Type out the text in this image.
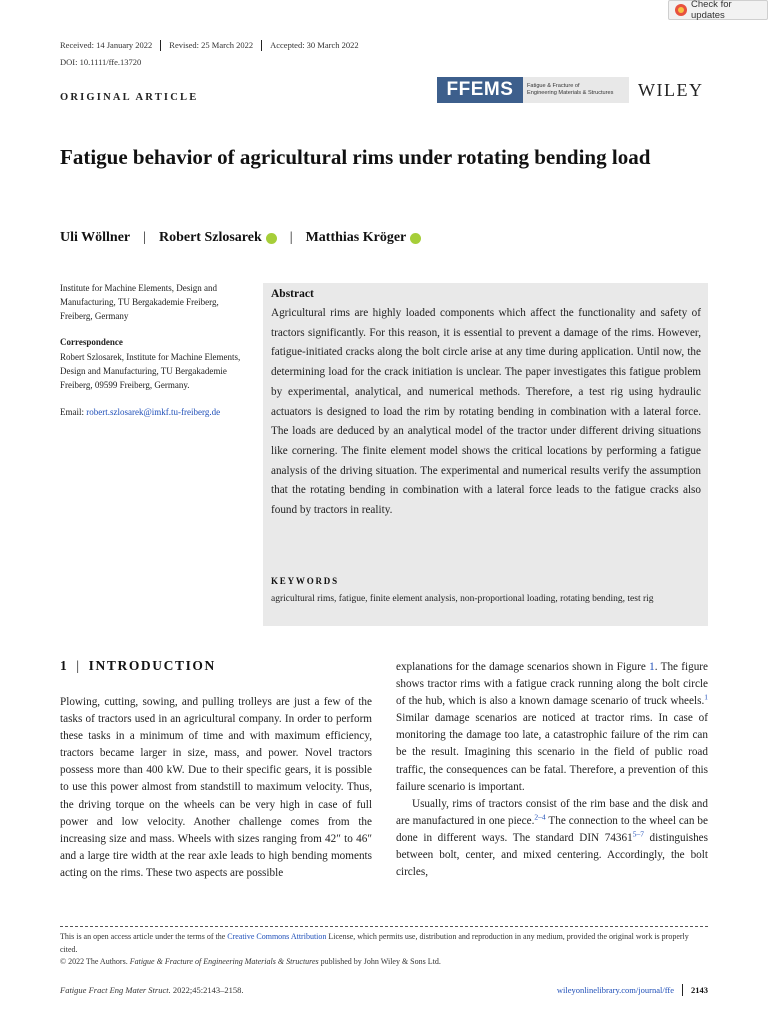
Check for updates
Received: 14 January 2022	Revised: 25 March 2022	Accepted: 30 March 2022
DOI: 10.1111/ffe.13720
ORIGINAL ARTICLE	FFEMS	Fatigue & Fracture of
Engineering Materials & Structures WILEY
Fatigue behavior of agricultural rims under rotating bending load
Uli Wöllner | Robert Szlosarek | Matthias Kröger
Institute for Machine Elements, Design and Manufacturing, TU Bergakademie Freiberg, Freiberg, Germany
Correspondence
Robert Szlosarek, Institute for Machine Elements, Design and Manufacturing, TU Bergakademie Freiberg, 09599 Freiberg, Germany.
Email: robert.szlosarek@imkf.tu-freiberg.de
Abstract
Agricultural rims are highly loaded components which affect the functionality and safety of tractors significantly. For this reason, it is essential to prevent a damage of the rims. However, fatigue-initiated cracks along the bolt circle arise at any time during application. Until now, the determining load for the crack initiation is unclear. The paper investigates this fatigue problem by experimental, analytical, and numerical methods. Therefore, a test rig using hydraulic actuators is designed to load the rim by rotating bending in combination with a lateral force. The loads are deduced by an analytical model of the tractor under different driving situations like cornering. The finite element model shows the critical locations by performing a fatigue analysis of the driving situation. The experimental and numerical results verify the assumption that the rotating bending in combination with a lateral force leads to the fatigue cracks also found by tractors in reality.
KEYWORDS
agricultural rims, fatigue, finite element analysis, non-proportional loading, rotating bending, test rig
1 | INTRODUCTION

Plowing, cutting, sowing, and pulling trolleys are just a few of the tasks of tractors used in an agricultural company. In order to perform these tasks in a minimum of time and with maximum efficiency, tractors became larger in size, mass, and power. Novel tractors possess more than 400 kW. Due to their specific gears, it is possible to use this power almost from standstill to maximum velocity. Thus, the driving torque on the wheels can be very high in case of full power and low velocity. Another challenge comes from the increasing size and mass. Wheels with sizes ranging from 42″ to 46″ and a large tire width at the rear axle leads to high bending moments acting on the rims. These two aspects are possible

explanations for the damage scenarios shown in Figure 1. The figure shows tractor rims with a fatigue crack running along the bolt circle of the hub, which is also a known damage scenario of truck wheels.$^1$ Similar damage scenarios are noticed at tractor rims. In case of monitoring the damage too late, a catastrophic failure of the rim can be the result. Imagining this scenario in the field of public road traffic, the consequences can be fatal. Therefore, a prevention of this failure scenario is important.

Usually, rims of tractors consist of the rim base and the disk and are manufactured in one piece.$^{2-4}$ The connection to the wheel can be done in different ways. The standard DIN 74361$^{5-7}$ distinguishes between bolt, center, and mixed centering. Accordingly, the bolt circles,

This is an open access article under the terms of the Creative Commons Attribution License, which permits use, distribution and reproduction in any medium, provided the original work is properly cited.
© 2022 The Authors. Fatigue & Fracture of Engineering Materials & Structures published by John Wiley & Sons Ltd.
Fatigue Fract Eng Mater Struct. 2022;45:2143–2158.	wileyonlinelibrary.com/journal/ffe	2143
